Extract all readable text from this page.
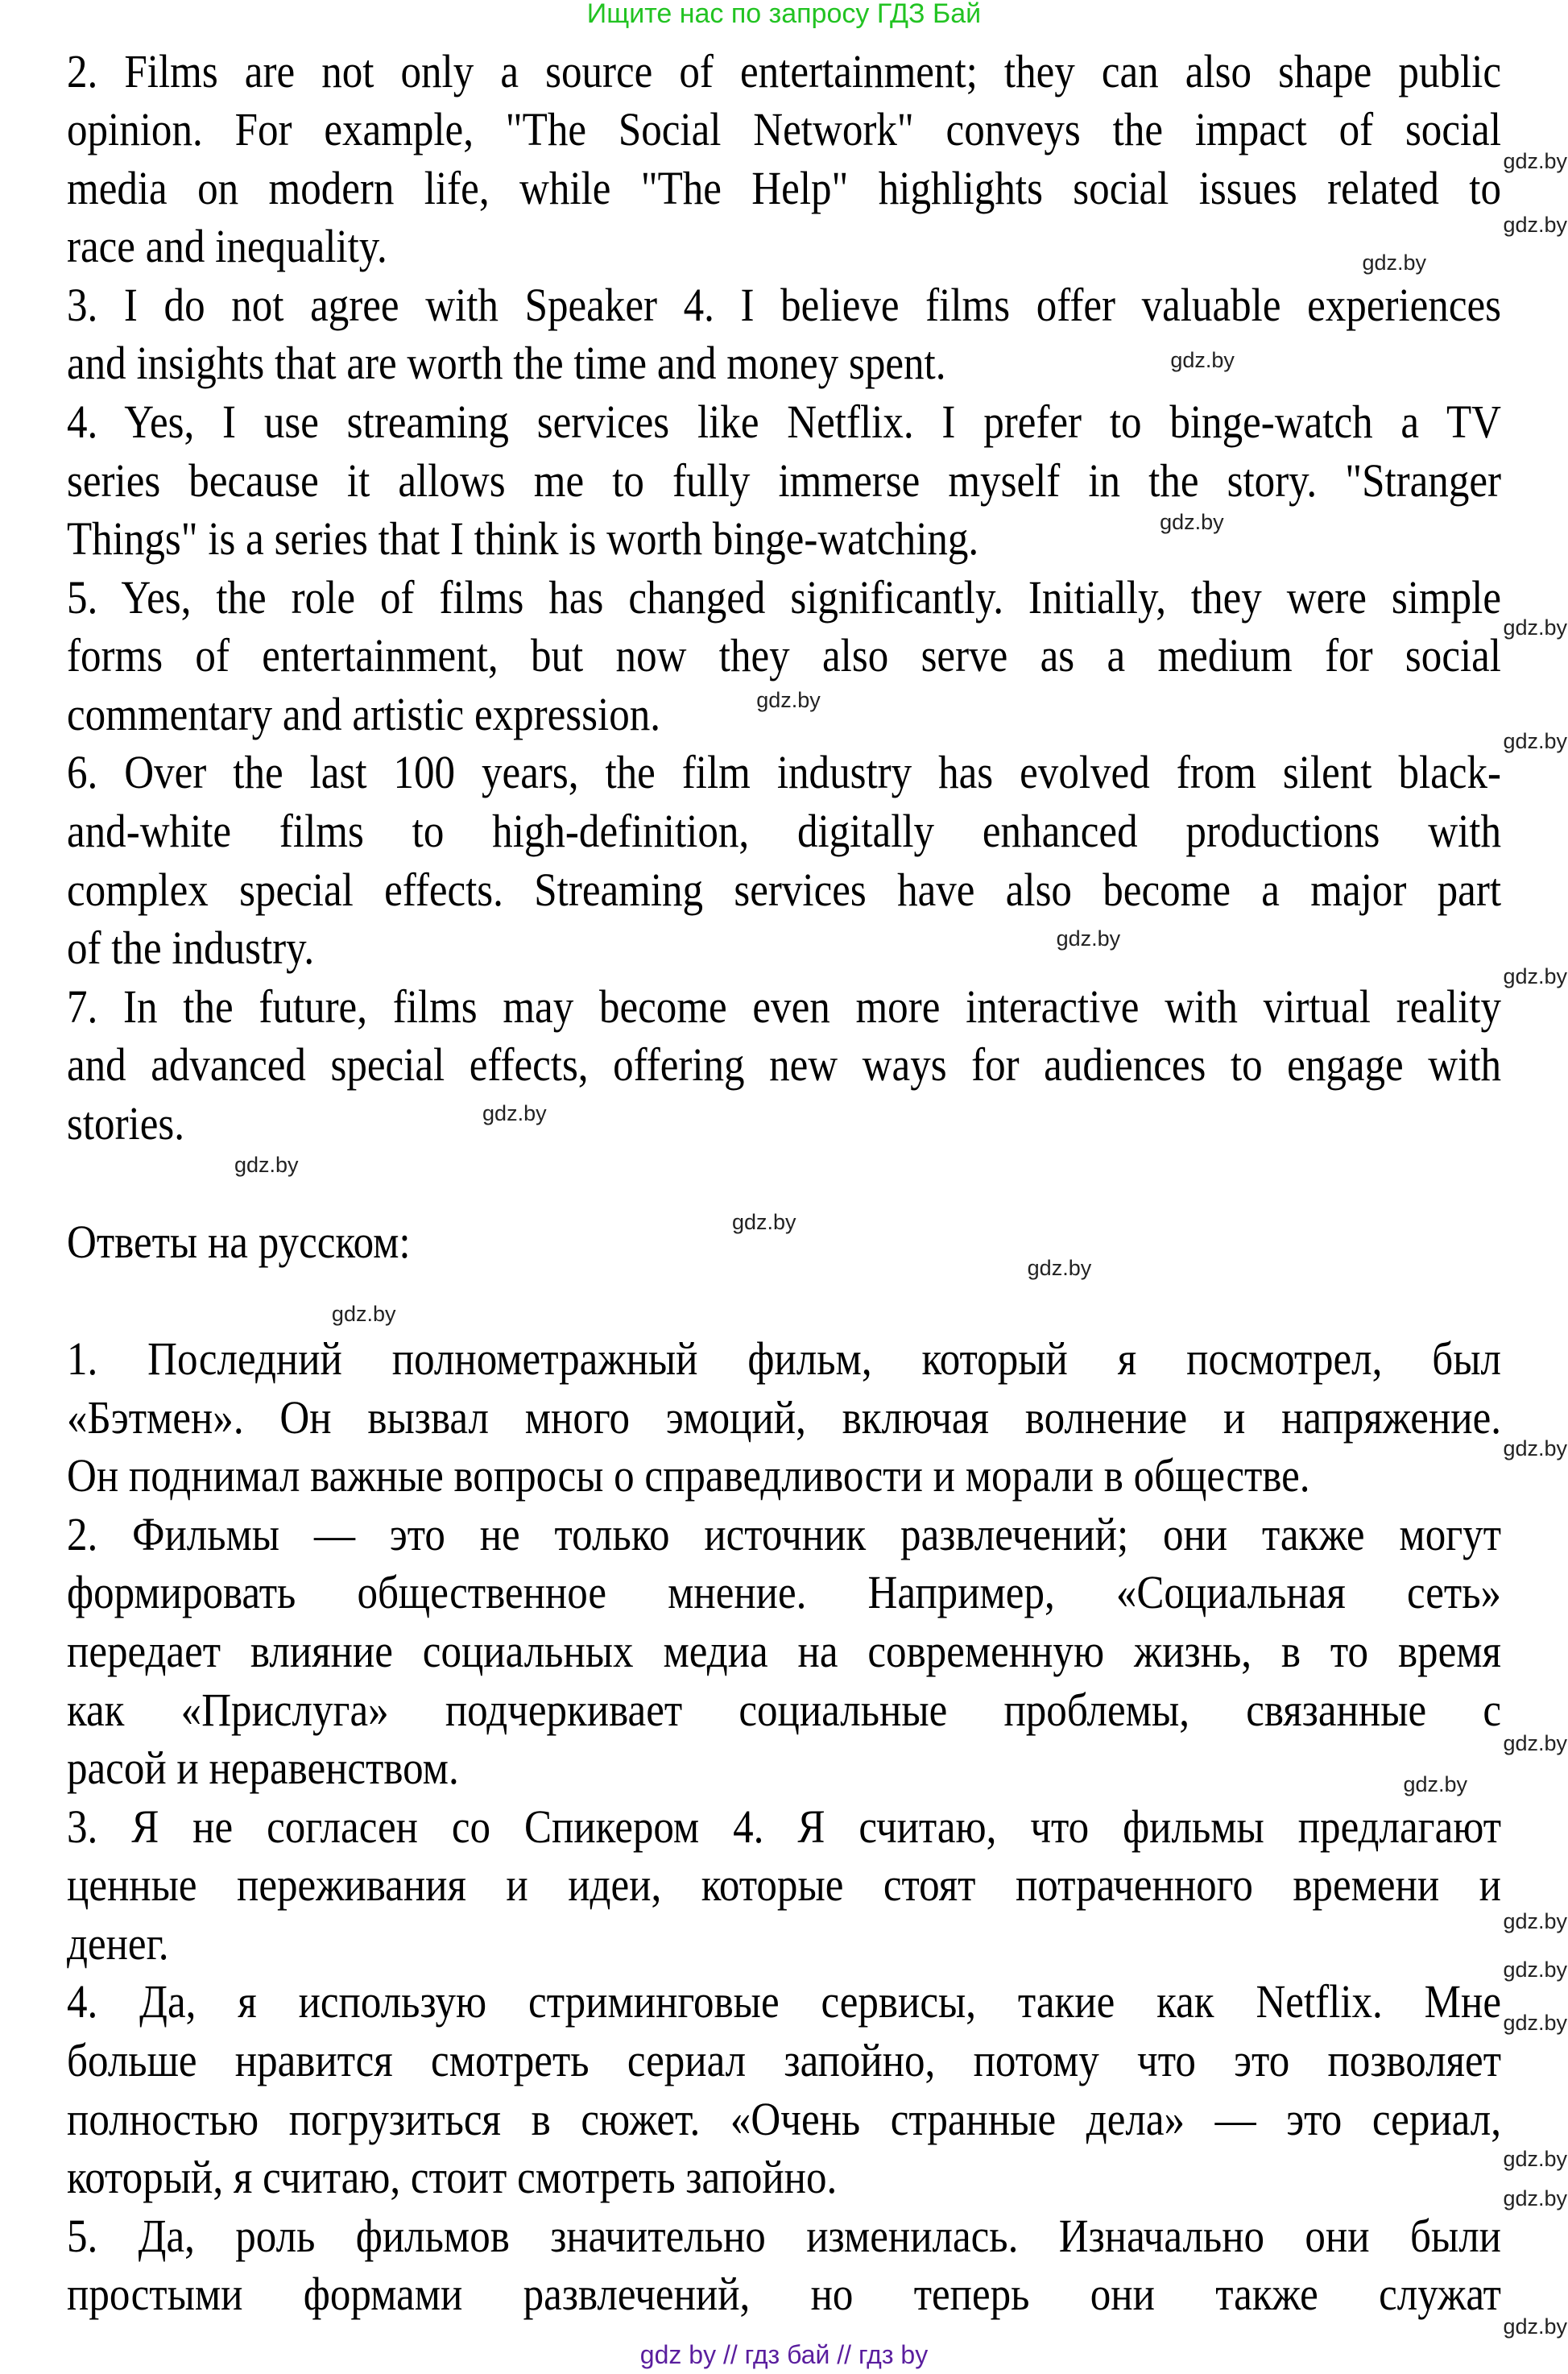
Ищите нас по запросу ГДЗ Бай
2. Films are not only a source of entertainment; they can also shape public
opinion. For example, "The Social Network" conveys the impact of social
media on modern life, while "The Help" highlights social issues related to
race and inequality.
3. I do not agree with Speaker 4. I believe films offer valuable experiences
and insights that are worth the time and money spent.
4. Yes, I use streaming services like Netflix. I prefer to binge-watch a TV
series because it allows me to fully immerse myself in the story. "Stranger
Things" is a series that I think is worth binge-watching.
5. Yes, the role of films has changed significantly. Initially, they were simple
forms of entertainment, but now they also serve as a medium for social
commentary and artistic expression.
6. Over the last 100 years, the film industry has evolved from silent black-
and-white films to high-definition, digitally enhanced productions with
complex special effects. Streaming services have also become a major part
of the industry.
7. In the future, films may become even more interactive with virtual reality
and advanced special effects, offering new ways for audiences to engage with
stories.
Ответы на русском:
1. Последний полнометражный фильм, который я посмотрел, был
«Бэтмен». Он вызвал много эмоций, включая волнение и напряжение.
Он поднимал важные вопросы о справедливости и морали в обществе.
2. Фильмы — это не только источник развлечений; они также могут
формировать общественное мнение. Например, «Социальная сеть»
передает влияние социальных медиа на современную жизнь, в то время
как «Прислуга» подчеркивает социальные проблемы, связанные с
расой и неравенством.
3. Я не согласен со Спикером 4. Я считаю, что фильмы предлагают
ценные переживания и идеи, которые стоят потраченного времени и
денег.
4. Да, я использую стриминговые сервисы, такие как Netflix. Мне
больше нравится смотреть сериал запойно, потому что это позволяет
полностью погрузиться в сюжет. «Очень странные дела» — это сериал,
который, я считаю, стоит смотреть запойно.
5. Да, роль фильмов значительно изменилась. Изначально они были
простыми формами развлечений, но теперь они также служат
gdz.by
gdz.by
gdz.by
gdz.by
gdz.by
gdz.by
gdz.by
gdz.by
gdz.by
gdz.by
gdz.by
gdz.by
gdz.by
gdz.by
gdz.by
gdz.by
gdz.by
gdz.by
gdz.by
gdz.by
gdz.by
gdz.by
gdz.by
gdz.by
gdz by // гдз бай // гдз by
